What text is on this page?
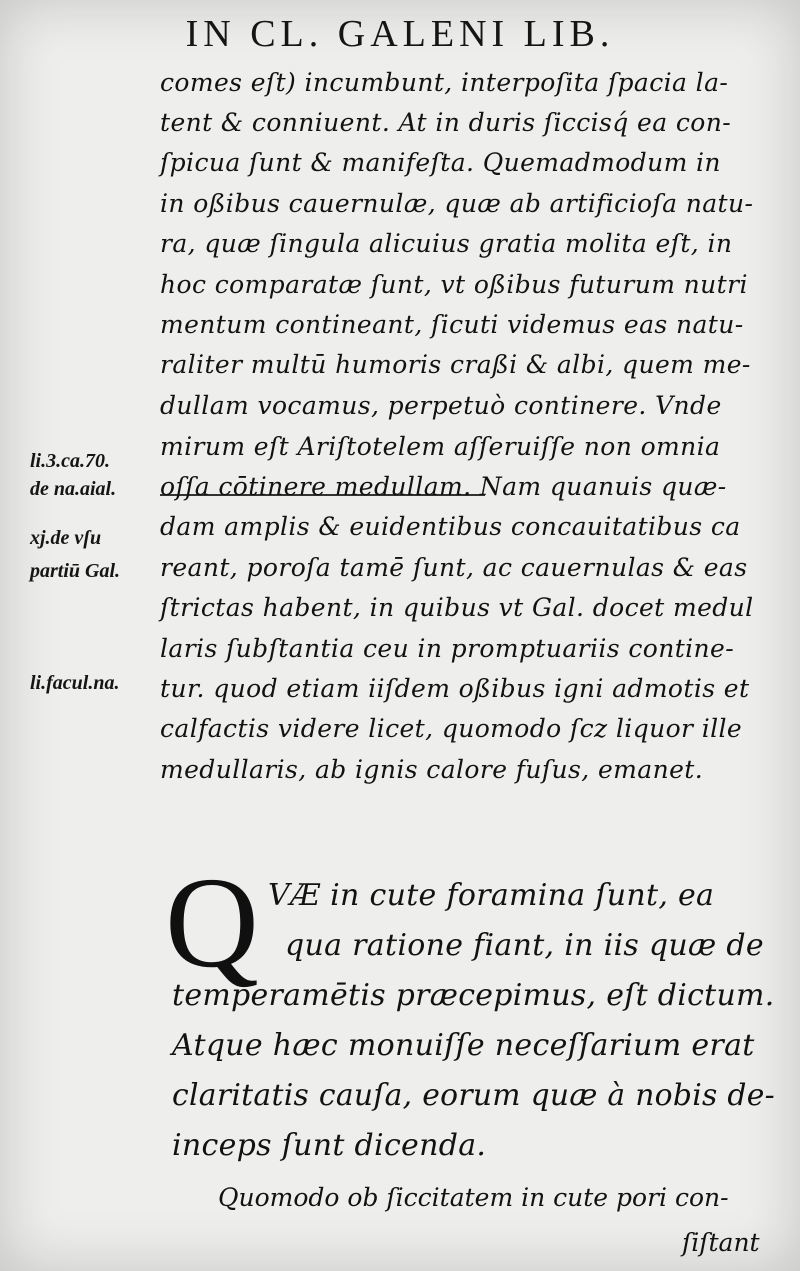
IN CL. GALENI LIB.
comes eſt) incumbunt, interpoſita ſpacia la-
tent & conniuent. At in duris ſiccisq́ ea con-
ſpicua ſunt & manifeſta. Quemadmodum in
in oßibus cauernulæ, quæ ab artificioſa natu-
ra, quæ ſingula alicuius gratia molita eſt, in
hoc comparatæ ſunt, vt oßibus futurum nutri
mentum contineant, ſicuti videmus eas natu-
raliter multū humoris craßi & albi, quem me-
dullam vocamus, perpetuò continere. Vnde
mirum eſt Ariſtotelem aſſeruiſſe non omnia
oſſa cōtinere medullam. Nam quanuis quæ-
dam amplis & euidentibus concauitatibus ca
reant, poroſa tamē ſunt, ac cauernulas & eas
ſtrictas habent, in quibus vt Gal. docet medul
laris ſubſtantia ceu in promptuariis contine-
tur. quod etiam iiſdem oßibus igni admotis et
calfactis videre licet, quomodo ſcz liquor ille
medullaris, ab ignis calore fuſus, emanet.
li.3.ca.70.
de na.aial.
xj.de vſu
partiū Gal.
li.facul.na.
Q VÆ in cute foramina ſunt, ea
qua ratione fiant, in iis quæ de
temperamētis præcepimus, eſt dictum.
Atque hæc monuiſſe neceſſarium erat
claritatis cauſa, eorum quæ à nobis de-
inceps ſunt dicenda.
Quomodo ob ſiccitatem in cute pori con-
ſiſtant
